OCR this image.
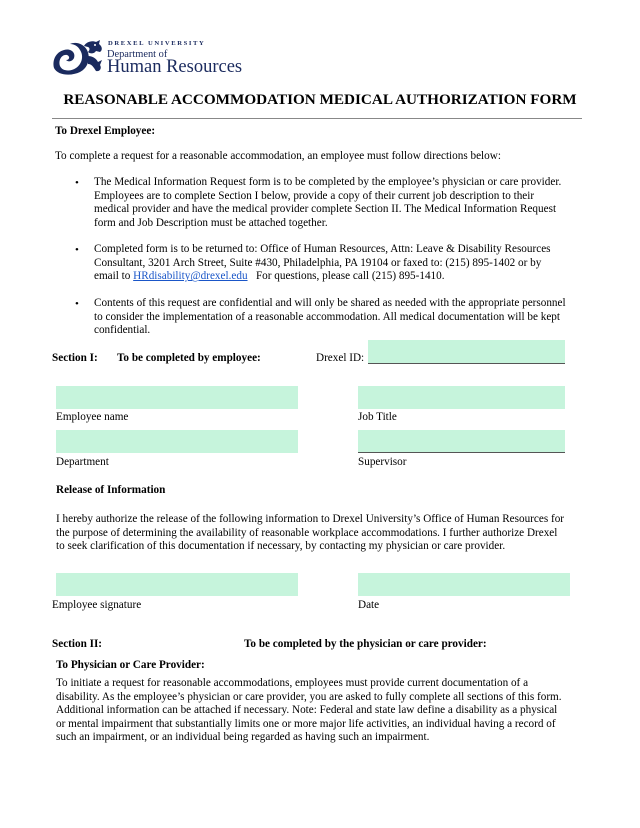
DREXEL UNIVERSITY
Department of
Human Resources
REASONABLE ACCOMMODATION MEDICAL AUTHORIZATION FORM
To Drexel Employee:
To complete a request for a reasonable accommodation, an employee must follow directions below:
• The Medical Information Request form is to be completed by the employee’s physician or care provider.
Employees are to complete Section I below, provide a copy of their current job description to their
medical provider and have the medical provider complete Section II. The Medical Information Request
form and Job Description must be attached together.
• Completed form is to be returned to: Office of Human Resources, Attn: Leave & Disability Resources
Consultant, 3201 Arch Street, Suite #430, Philadelphia, PA 19104 or faxed to: (215) 895-1402 or by
email to HRdisability@drexel.edu   For questions, please call (215) 895-1410.
• Contents of this request are confidential and will only be shared as needed with the appropriate personnel
to consider the implementation of a reasonable accommodation. All medical documentation will be kept
confidential.
Section I: To be completed by employee:	Drexel ID:
Employee name	Job Title
Department	Supervisor
Release of Information
I hereby authorize the release of the following information to Drexel University’s Office of Human Resources for
the purpose of determining the availability of reasonable workplace accommodations. I further authorize Drexel
to seek clarification of this documentation if necessary, by contacting my physician or care provider.
Employee signature	Date
Section II:	To be completed by the physician or care provider:
To Physician or Care Provider:
To initiate a request for reasonable accommodations, employees must provide current documentation of a
disability. As the employee’s physician or care provider, you are asked to fully complete all sections of this form.
Additional information can be attached if necessary. Note: Federal and state law define a disability as a physical
or mental impairment that substantially limits one or more major life activities, an individual having a record of
such an impairment, or an individual being regarded as having such an impairment.
